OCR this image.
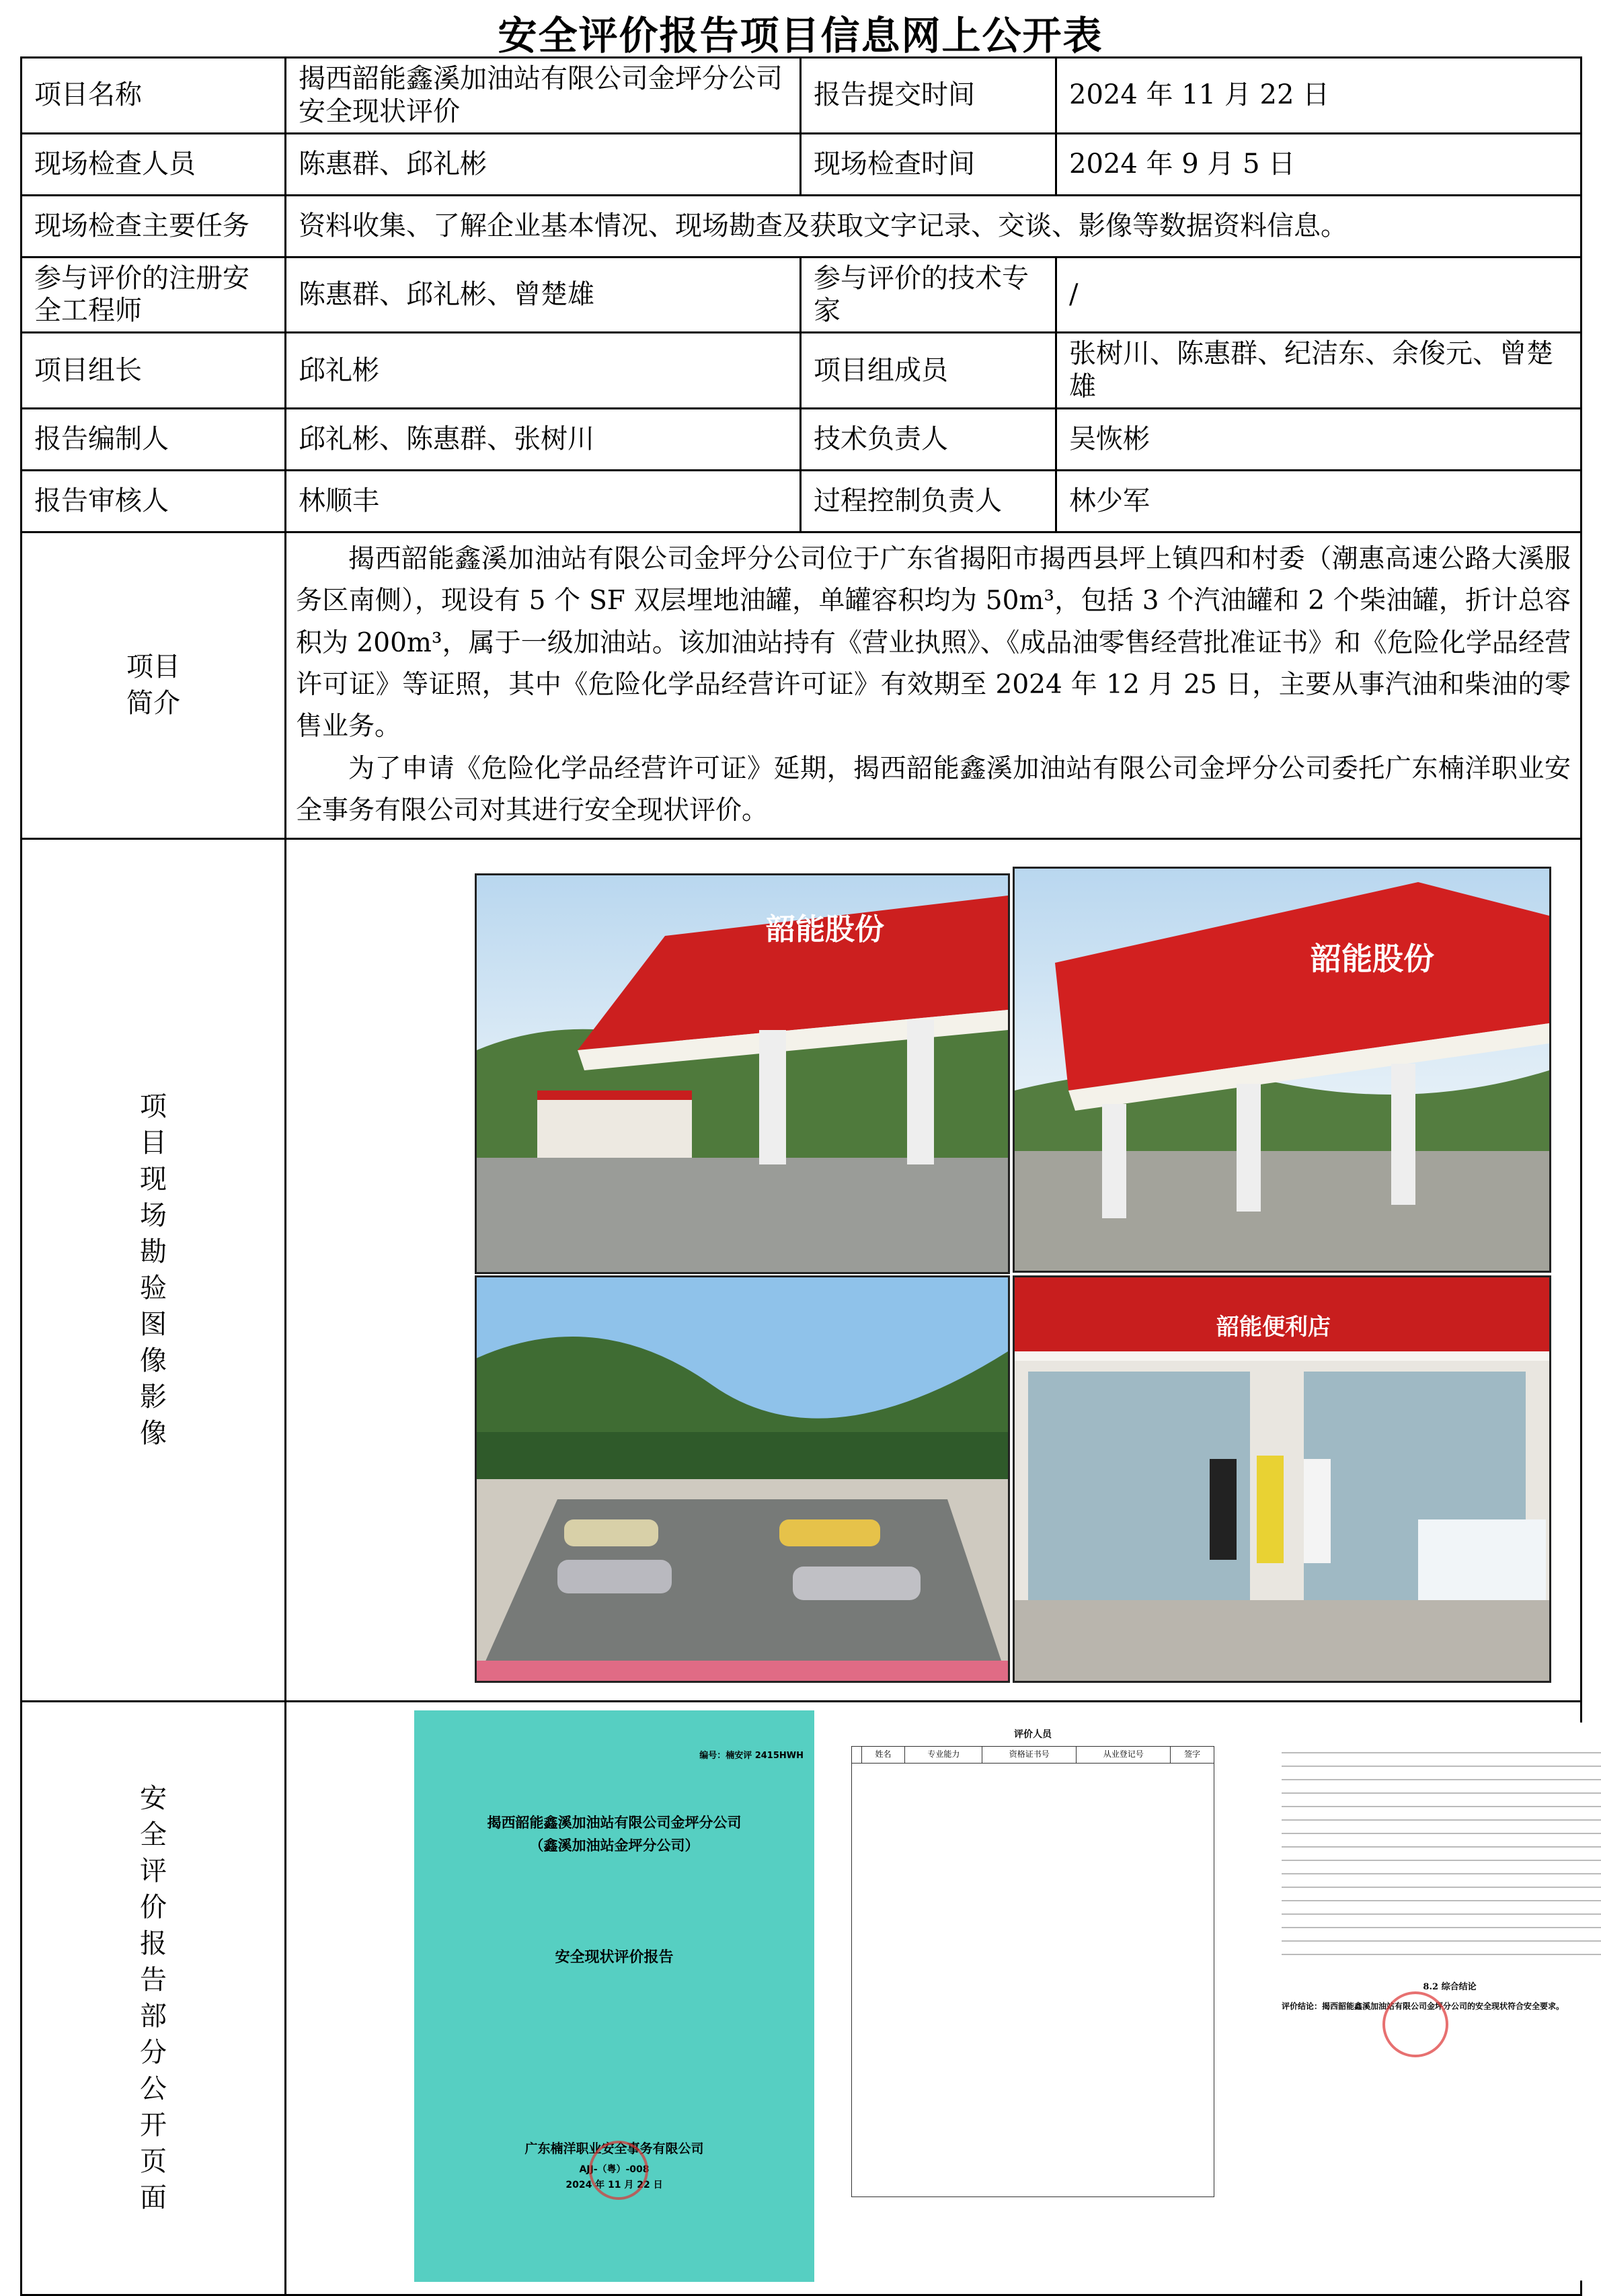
安全评价报告项目信息网上公开表
项目名称	揭西韶能鑫溪加油站有限公司金坪分公司安全现状评价	报告提交时间	2024 年 11 月 22 日
现场检查人员	陈惠群、邱礼彬	现场检查时间	2024 年 9 月 5 日
现场检查主要任务	资料收集、了解企业基本情况、现场勘查及获取文字记录、交谈、影像等数据资料信息。
参与评价的注册安全工程师	陈惠群、邱礼彬、曾楚雄	参与评价的技术专家	/
项目组长	邱礼彬	项目组成员	张树川、陈惠群、纪洁东、余俊元、曾楚雄
报告编制人	邱礼彬、陈惠群、张树川	技术负责人	吴恢彬
报告审核人	林顺丰	过程控制负责人	林少军
项目简介	

揭西韶能鑫溪加油站有限公司金坪分公司位于广东省揭阳市揭西县坪上镇四和村委（潮惠高速公路大溪服务区南侧），现设有 5 个 SF 双层埋地油罐，单罐容积均为 50m³，包括 3 个汽油罐和 2 个柴油罐，折计总容积为 200m³，属于一级加油站。该加油站持有《营业执照》、《成品油零售经营批准证书》和《危险化学品经营许可证》等证照，其中《危险化学品经营许可证》有效期至 2024 年 12 月 25 日，主要从事汽油和柴油的零售业务。

为了申请《危险化学品经营许可证》延期，揭西韶能鑫溪加油站有限公司金坪分公司委托广东楠洋职业安全事务有限公司对其进行安全现状评价。

项目现场勘验图像影像	
韶能股份
韶能股份
韶能便利店

安全评价报告部分公开页面	
编号：楠安评 2415HWH
揭西韶能鑫溪加油站有限公司金坪分公司
（鑫溪加油站金坪分公司）
安全现状评价报告
广东楠洋职业安全事务有限公司
AJJ-（粤）-008
2024 年 11 月 22 日
评价人员
	姓名	专业能力	资格证书号	从业登记号	签字

8.2 综合结论
评价结论：揭西韶能鑫溪加油站有限公司金坪分公司的安全现状符合安全要求。
